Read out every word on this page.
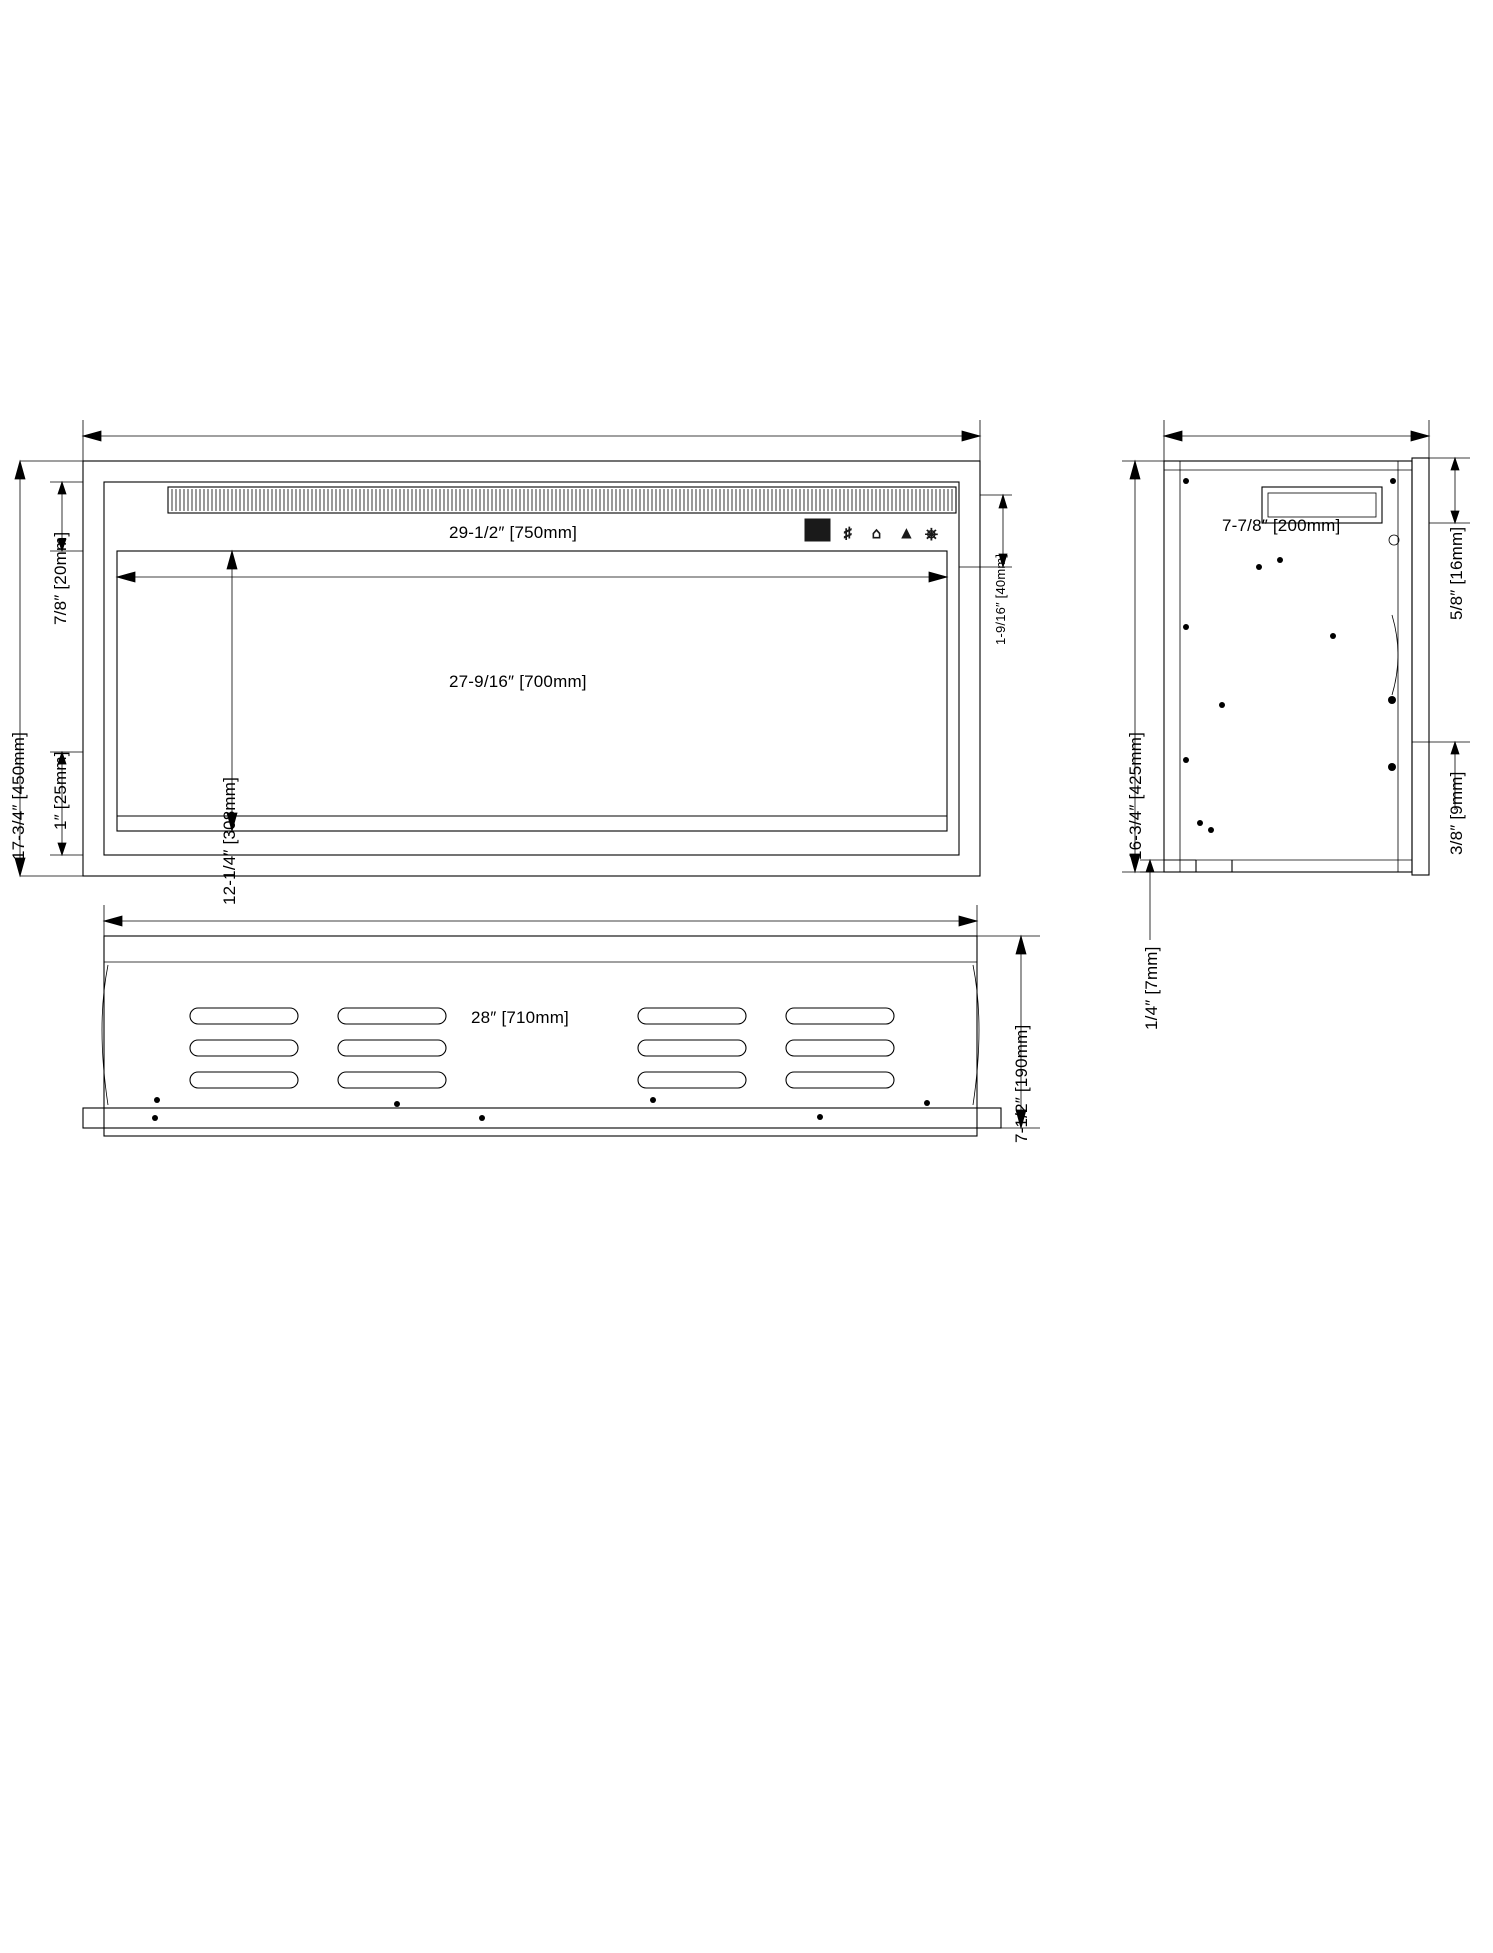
♯ ⌂ ▲ ⎈
29-1/2″ [750mm]
27-9/16″ [700mm]
12-1/4″ [308mm]
17-3/4″ [450mm]
7/8″ [20mm]
1″ [25mm]
1-9/16″ [40mm]
7-7/8″ [200mm]
16-3/4″ [425mm]
5/8″ [16mm]
3/8″ [9mm]
1/4″ [7mm]
28″ [710mm]
7-1/2″ [190mm]
